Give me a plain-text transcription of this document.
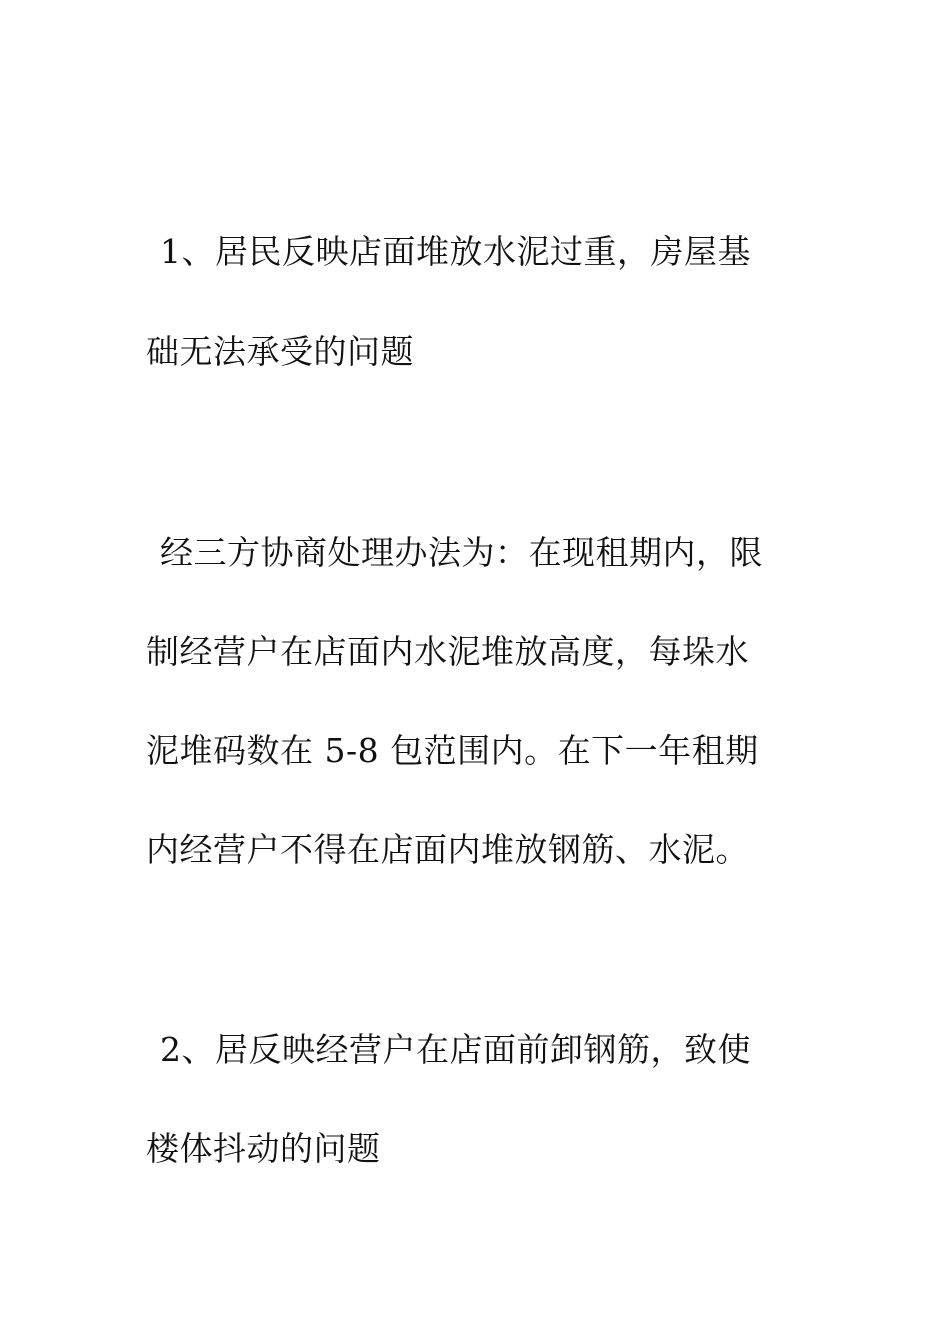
1、居民反映店面堆放水泥过重，房屋基
础无法承受的问题
经三方协商处理办法为：在现租期内，限
制经营户在店面内水泥堆放高度，每垛水
泥堆码数在 5-8 包范围内。在下一年租期
内经营户不得在店面内堆放钢筋、水泥。
2、居反映经营户在店面前卸钢筋，致使
楼体抖动的问题
